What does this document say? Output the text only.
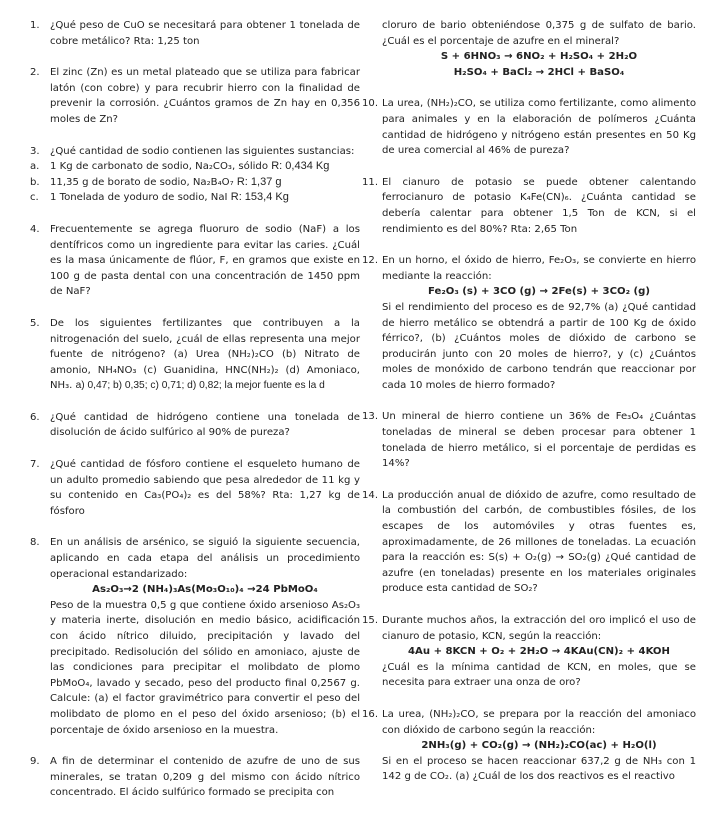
1. ¿Qué peso de CuO se necesitará para obtener 1 tonelada de cobre metálico? Rta: 1,25 ton
2. El zinc (Zn) es un metal plateado que se utiliza para fabricar latón (con cobre) y para recubrir hierro con la finalidad de prevenir la corrosión. ¿Cuántos gramos de Zn hay en 0,356 moles de Zn?
3. ¿Qué cantidad de sodio contienen las siguientes sustancias:
a. 1 Kg de carbonato de sodio, Na₂CO₃, sólido R: 0,434 Kg
b. 11,35 g de borato de sodio, Na₂B₄O₇ R: 1,37 g
c. 1 Tonelada de yoduro de sodio, NaI R: 153,4 Kg
4. Frecuentemente se agrega fluoruro de sodio (NaF) a los dentífricos como un ingrediente para evitar las caries. ¿Cuál es la masa únicamente de flúor, F, en gramos que existe en 100 g de pasta dental con una concentración de 1450 ppm de NaF?
5. De los siguientes fertilizantes que contribuyen a la nitrogenación del suelo, ¿cuál de ellas representa una mejor fuente de nitrógeno? (a) Urea (NH₂)₂CO (b) Nitrato de amonio, NH₄NO₃ (c) Guanidina, HNC(NH₂)₂ (d) Amoniaco, NH₃. a) 0,47; b) 0,35; c) 0,71; d) 0,82; la mejor fuente es la d
6. ¿Qué cantidad de hidrógeno contiene una tonelada de disolución de ácido sulfúrico al 90% de pureza?
7. ¿Qué cantidad de fósforo contiene el esqueleto humano de un adulto promedio sabiendo que pesa alrededor de 11 kg y su contenido en Ca₃(PO₄)₂ es del 58%? Rta: 1,27 kg de fósforo
8. En un análisis de arsénico, se siguió la siguiente secuencia, aplicando en cada etapa del análisis un procedimiento operacional estandarizado:
As₂O₃→2 (NH₄)₃As(Mo₃O₁₀)₄ →24 PbMoO₄
Peso de la muestra 0,5 g que contiene óxido arsenioso As₂O₃ y materia inerte, disolución en medio básico, acidificación con ácido nítrico diluido, precipitación y lavado del precipitado. Redisolución del sólido en amoniaco, ajuste de las condiciones para precipitar el molibdato de plomo PbMoO₄, lavado y secado, peso del producto final 0,2567 g. Calcule: (a) el factor gravimétrico para convertir el peso del molibdato de plomo en el peso del óxido arsenioso; (b) el porcentaje de óxido arsenioso en la muestra.
9. A fin de determinar el contenido de azufre de uno de sus minerales, se tratan 0,209 g del mismo con ácido nítrico concentrado. El ácido sulfúrico formado se precipita con
cloruro de bario obteniéndose 0,375 g de sulfato de bario. ¿Cuál es el porcentaje de azufre en el mineral?
S + 6HNO₃ → 6NO₂ + H₂SO₄ + 2H₂O
H₂SO₄ + BaCl₂ → 2HCl + BaSO₄
10. La urea, (NH₂)₂CO, se utiliza como fertilizante, como alimento para animales y en la elaboración de polímeros ¿Cuánta cantidad de hidrógeno y nitrógeno están presentes en 50 Kg de urea comercial al 46% de pureza?
11. El cianuro de potasio se puede obtener calentando ferrocianuro de potasio K₄Fe(CN)₆. ¿Cuánta cantidad se debería calentar para obtener 1,5 Ton de KCN, si el rendimiento es del 80%? Rta: 2,65 Ton
12. En un horno, el óxido de hierro, Fe₂O₃, se convierte en hierro mediante la reacción:
Fe₂O₃ (s) + 3CO (g) → 2Fe(s) + 3CO₂ (g)
Si el rendimiento del proceso es de 92,7% (a) ¿Qué cantidad de hierro metálico se obtendrá a partir de 100 Kg de óxido férrico?, (b) ¿Cuántos moles de dióxido de carbono se producirán junto con 20 moles de hierro?, y (c) ¿Cuántos moles de monóxido de carbono tendrán que reaccionar por cada 10 moles de hierro formado?
13. Un mineral de hierro contiene un 36% de Fe₃O₄ ¿Cuántas toneladas de mineral se deben procesar para obtener 1 tonelada de hierro metálico, si el porcentaje de perdidas es 14%?
14. La producción anual de dióxido de azufre, como resultado de la combustión del carbón, de combustibles fósiles, de los escapes de los automóviles y otras fuentes es, aproximadamente, de 26 millones de toneladas. La ecuación para la reacción es: S(s) + O₂(g) → SO₂(g) ¿Qué cantidad de azufre (en toneladas) presente en los materiales originales produce esta cantidad de SO₂?
15. Durante muchos años, la extracción del oro implicó el uso de cianuro de potasio, KCN, según la reacción:
4Au + 8KCN + O₂ + 2H₂O → 4KAu(CN)₂ + 4KOH
¿Cuál es la mínima cantidad de KCN, en moles, que se necesita para extraer una onza de oro?
16. La urea, (NH₂)₂CO, se prepara por la reacción del amoniaco con dióxido de carbono según la reacción:
2NH₃(g) + CO₂(g) → (NH₂)₂CO(ac) + H₂O(l)
Si en el proceso se hacen reaccionar 637,2 g de NH₃ con 1 142 g de CO₂. (a) ¿Cuál de los dos reactivos es el reactivo
